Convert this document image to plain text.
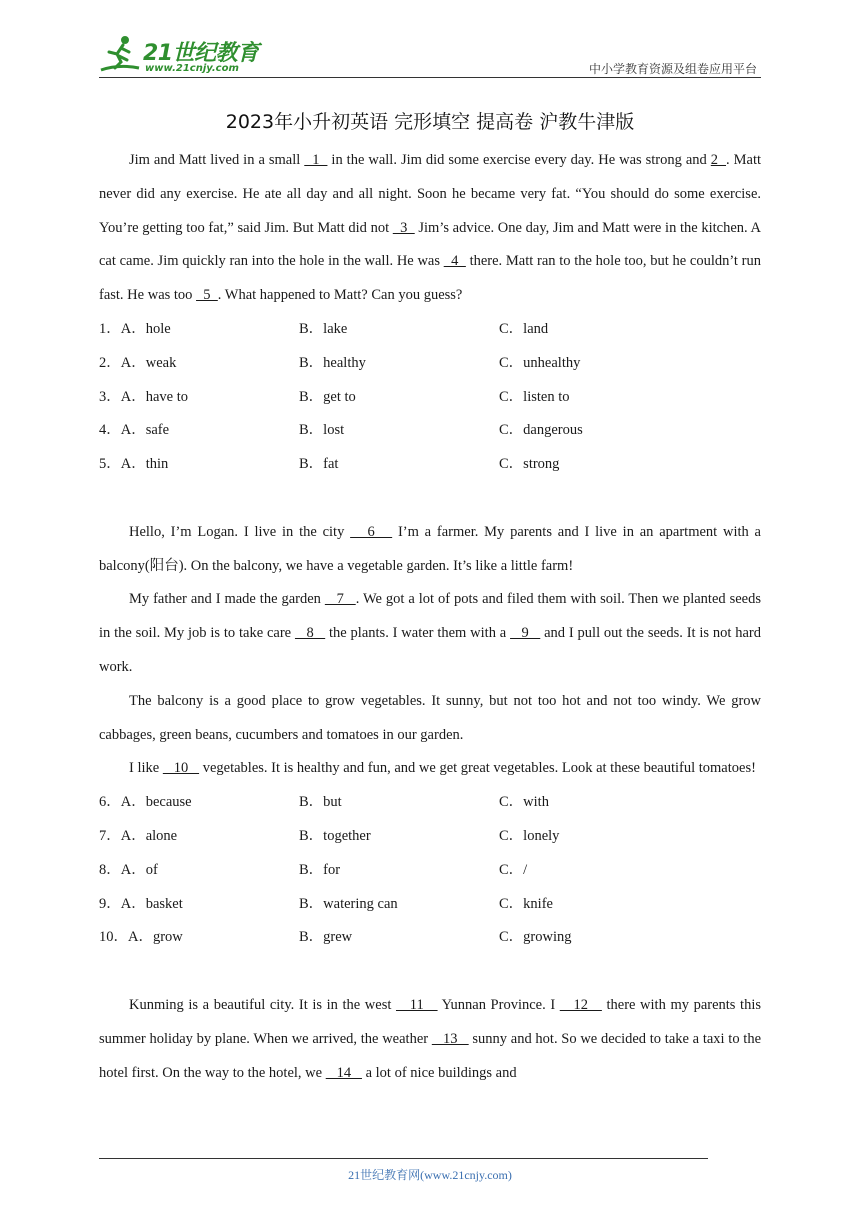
21世纪教育
www.21cnjy.com	中小学教育资源及组卷应用平台
2023年小升初英语 完形填空 提高卷 沪教牛津版

Jim and Matt lived in a small   1   in the wall. Jim did some exercise every day. He was strong and 2  . Matt never did any exercise. He ate all day and all night. Soon he became very fat. “You should do some exercise. You’re getting too fat,” said Jim. But Matt did not   3   Jim’s advice. One day, Jim and Matt were in the kitchen. A cat came. Jim quickly ran into the hole in the wall. He was   4   there. Matt ran to the hole too, but he couldn’t run fast. He was too   5  . What happened to Matt? Can you guess?

1．A．hole	B．lake	C．land
2．A．weak	B．healthy	C．unhealthy
3．A．have to	B．get to	C．listen to
4．A．safe	B．lost	C．dangerous
5．A．thin	B．fat	C．strong

Hello, I’m Logan. I live in the city    6    I’m a farmer. My parents and I live in an apartment with a balcony(阳台). On the balcony, we have a vegetable garden. It’s like a little farm!

My father and I made the garden    7   . We got a lot of pots and filed them with soil. Then we planted seeds in the soil. My job is to take care    8    the plants. I water them with a    9    and I pull out the seeds. It is not hard work.

The balcony is a good place to grow vegetables. It sunny, but not too hot and not too windy. We grow cabbages, green beans, cucumbers and tomatoes in our garden.

I like    10    vegetables. It is healthy and fun, and we get great vegetables. Look at these beautiful tomatoes!

6．A．because	B．but	C．with
7．A．alone	B．together	C．lonely
8．A．of	B．for	C．/
9．A．basket	B．watering can	C．knife
10．A．grow	B．grew	C．growing

Kunming is a beautiful city. It is in the west    11    Yunnan Province. I    12    there with my parents this summer holiday by plane. When we arrived, the weather    13    sunny and hot. So we decided to take a taxi to the hotel first. On the way to the hotel, we    14    a lot of nice buildings and

21世纪教育网(www.21cnjy.com)
